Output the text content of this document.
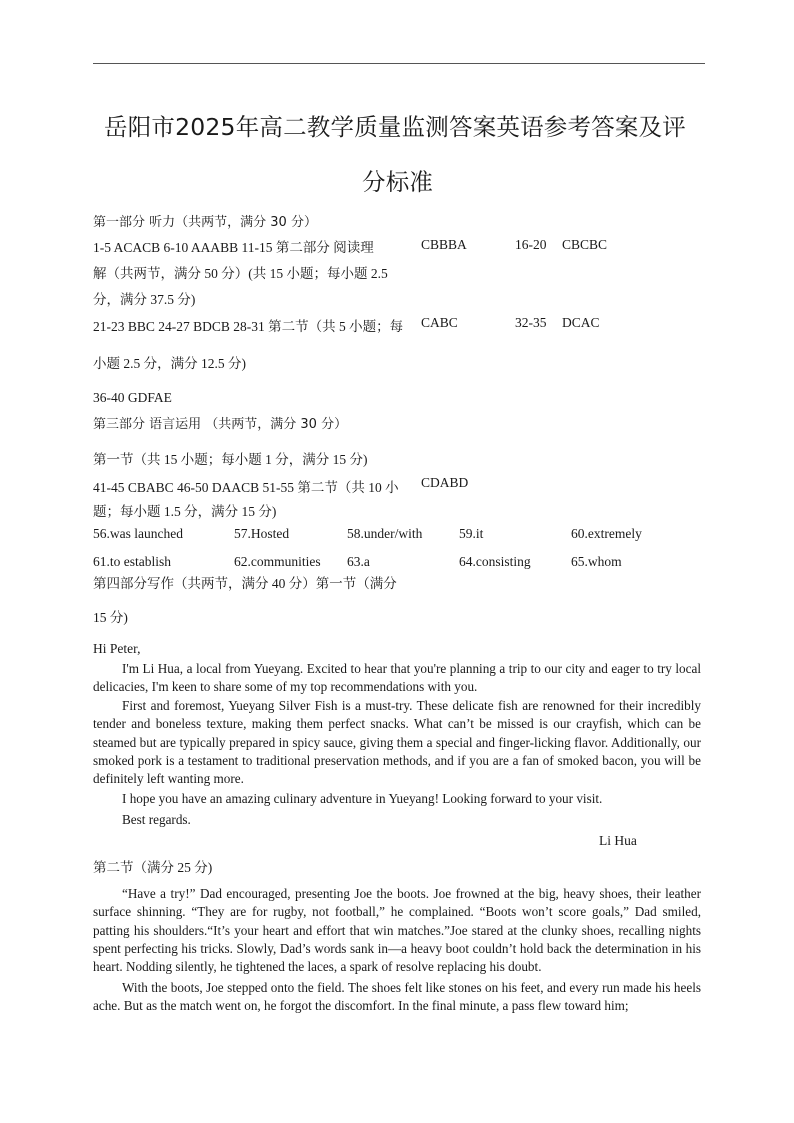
岳阳市2025年高二教学质量监测答案英语参考答案及评
分标准
第一部分 听力（共两节，满分 30 分）
1-5 ACACB 6-10 AAABB 11-15 第二部分 阅读理	CBBBA	16-20 CBCBC
解（共两节，满分 50 分）(共 15 小题；每小题 2.5
分，满分 37.5 分)
21-23 BBC 24-27 BDCB 28-31 第二节（共 5 小题；每 CABC	32-35 DCAC
小题 2.5 分，满分 12.5 分)
36-40 GDFAE
第三部分 语言运用 （共两节，满分 30 分）
第一节（共 15 小题；每小题 1 分，满分 15 分)
41-45 CBABC 46-50 DAACB 51-55 第二节（共 10 小 CDABD
题；每小题 1.5 分，满分 15 分)
56.was launched	57.Hosted	58.under/with	59.it	60.extremely
61.to establish	62.communities 63.a	64.consisting	65.whom
第四部分写作（共两节，满分 40 分）第一节（满分
15 分)
Hi Peter,

I'm Li Hua, a local from Yueyang. Excited to hear that you're planning a trip to our city and eager to try local delicacies, I'm keen to share some of my top recommendations with you.

First and foremost, Yueyang Silver Fish is a must-try. These delicate fish are renowned for their incredibly tender and boneless texture, making them perfect snacks. What can’t be missed is our crayfish, which can be steamed but are typically prepared in spicy sauce, giving them a special and finger-licking flavor. Additionally, our smoked pork is a testament to traditional preservation methods, and if you are a fan of smoked bacon, you will be definitely left wanting more.

I hope you have an amazing culinary adventure in Yueyang! Looking forward to your visit.
Best regards.
Li Hua
第二节（满分 25 分)

“Have a try!” Dad encouraged, presenting Joe the boots. Joe frowned at the big, heavy shoes, their leather surface shinning. “They are for rugby, not football,” he complained. “Boots won’t score goals,” Dad smiled, patting his shoulders.“It’s your heart and effort that win matches.”Joe stared at the clunky shoes, recalling nights spent perfecting his tricks. Slowly, Dad’s words sank in—a heavy boot couldn’t hold back the determination in his heart. Nodding silently, he tightened the laces, a spark of resolve replacing his doubt.

With the boots, Joe stepped onto the field. The shoes felt like stones on his feet, and every run made his heels ache. But as the match went on, he forgot the discomfort. In the final minute, a pass flew toward him;
